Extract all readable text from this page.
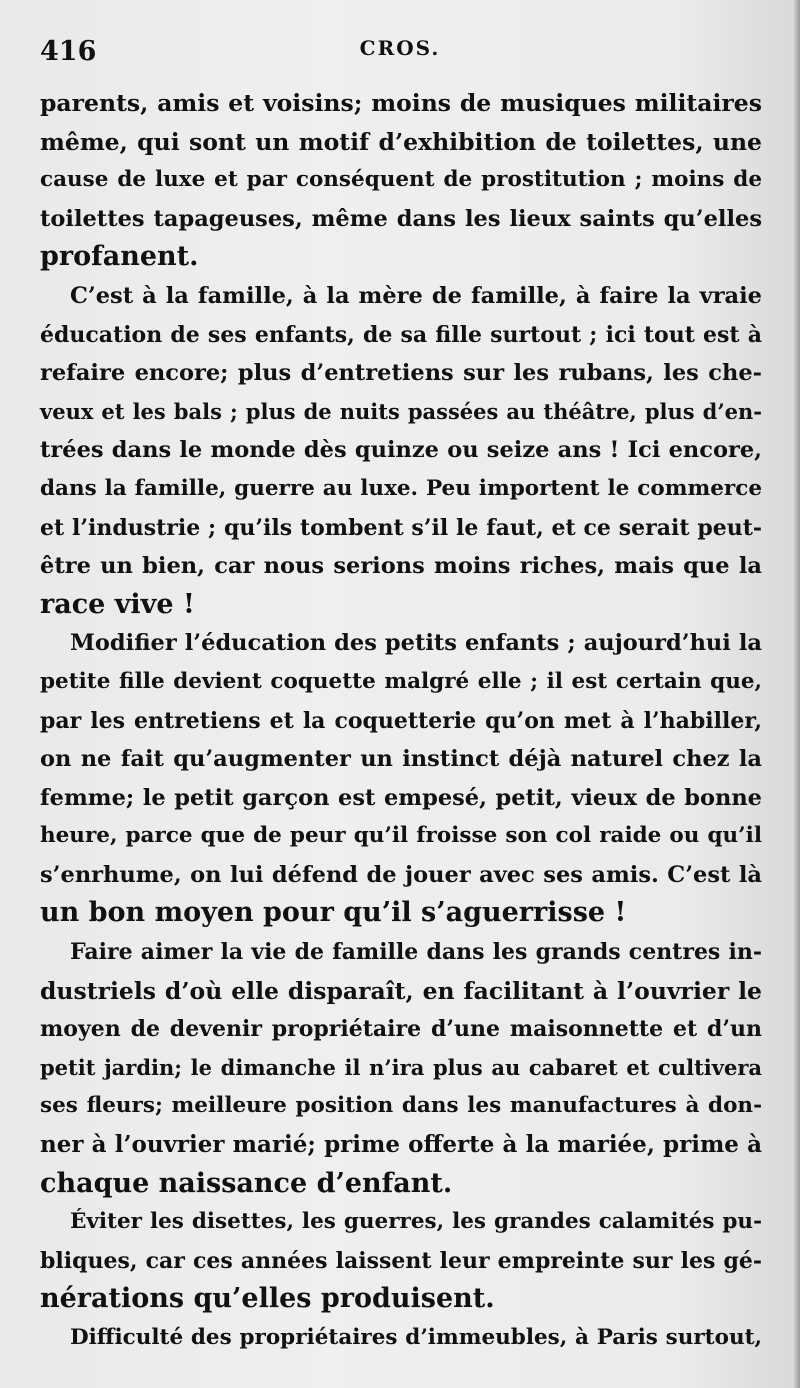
416	CROS.
parents, amis et voisins; moins de musiques militaires
même, qui sont un motif d’exhibition de toilettes, une
cause de luxe et par conséquent de prostitution ; moins de
toilettes tapageuses, même dans les lieux saints qu’elles
profanent.
C’est à la famille, à la mère de famille, à faire la vraie
éducation de ses enfants, de sa fille surtout ; ici tout est à
refaire encore; plus d’entretiens sur les rubans, les che-
veux et les bals ; plus de nuits passées au théâtre, plus d’en-
trées dans le monde dès quinze ou seize ans ! Ici encore,
dans la famille, guerre au luxe. Peu importent le commerce
et l’industrie ; qu’ils tombent s’il le faut, et ce serait peut-
être un bien, car nous serions moins riches, mais que la
race vive !
Modifier l’éducation des petits enfants ; aujourd’hui la
petite fille devient coquette malgré elle ; il est certain que,
par les entretiens et la coquetterie qu’on met à l’habiller,
on ne fait qu’augmenter un instinct déjà naturel chez la
femme; le petit garçon est empesé, petit, vieux de bonne
heure, parce que de peur qu’il froisse son col raide ou qu’il
s’enrhume, on lui défend de jouer avec ses amis. C’est là
un bon moyen pour qu’il s’aguerrisse !
Faire aimer la vie de famille dans les grands centres in-
dustriels d’où elle disparaît, en facilitant à l’ouvrier le
moyen de devenir propriétaire d’une maisonnette et d’un
petit jardin; le dimanche il n’ira plus au cabaret et cultivera
ses fleurs; meilleure position dans les manufactures à don-
ner à l’ouvrier marié; prime offerte à la mariée, prime à
chaque naissance d’enfant.
Éviter les disettes, les guerres, les grandes calamités pu-
bliques, car ces années laissent leur empreinte sur les gé-
nérations qu’elles produisent.
Difficulté des propriétaires d’immeubles, à Paris surtout,
